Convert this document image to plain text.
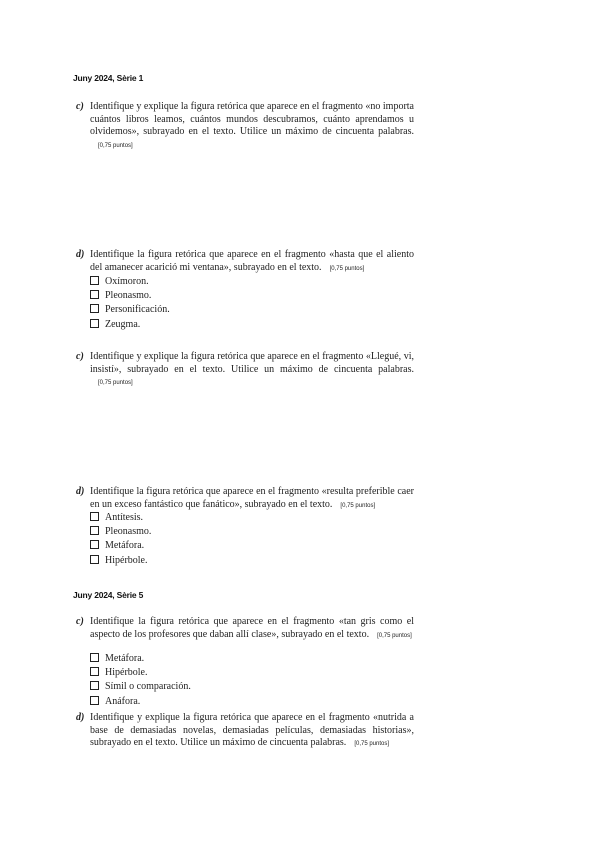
Juny 2024, Sèrie 1
c) Identifique y explique la figura retórica que aparece en el fragmento «no importa cuántos libros leamos, cuántos mundos descubramos, cuánto aprendamos u olvidemos», subrayado en el texto. Utilice un máximo de cincuenta palabras.[0,75 puntos]
d) Identifique la figura retórica que aparece en el fragmento «hasta que el aliento del amanecer acarició mi ventana», subrayado en el texto. [0,75 puntos]
Oxímoron.
Pleonasmo.
Personificación.
Zeugma.
c) Identifique y explique la figura retórica que aparece en el fragmento «Llegué, vi, insistí», subrayado en el texto. Utilice un máximo de cincuenta palabras.[0,75 puntos]
d) Identifique la figura retórica que aparece en el fragmento «resulta preferible caer en un exceso fantástico que fanático», subrayado en el texto. [0,75 puntos]
Antítesis.
Pleonasmo.
Metáfora.
Hipérbole.
Juny 2024, Sèrie 5
c) Identifique la figura retórica que aparece en el fragmento «tan gris como el aspecto de los profesores que daban allí clase», subrayado en el texto. [0,75 puntos]
Metáfora.
Hipérbole.
Símil o comparación.
Anáfora.
d) Identifique y explique la figura retórica que aparece en el fragmento «nutrida a base de demasiadas novelas, demasiadas películas, demasiadas historias», subrayado en el texto. Utilice un máximo de cincuenta palabras. [0,75 puntos]
